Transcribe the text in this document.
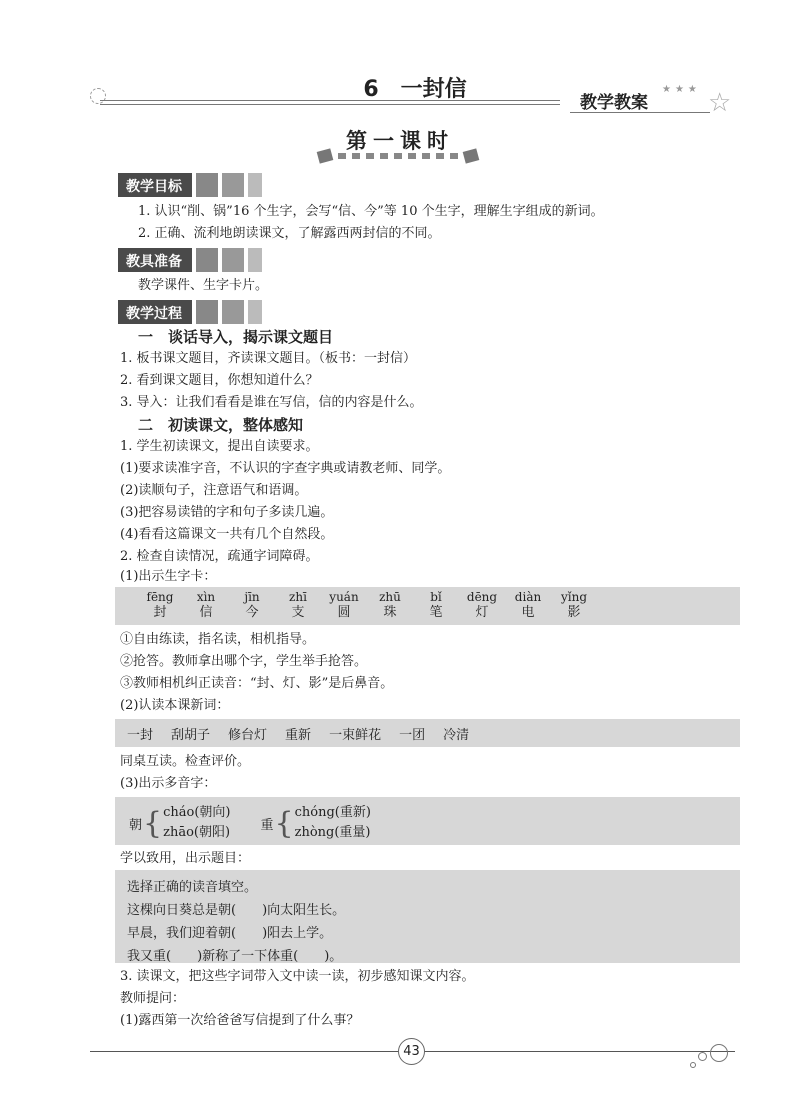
6　一封信
教学教案
★★★ ☆
第一课时
教学目标
1. 认识“削、锅”16 个生字，会写“信、今”等 10 个生字，理解生字组成的新词。
2. 正确、流利地朗读课文，了解露西两封信的不同。
教具准备
教学课件、生字卡片。
教学过程
一　谈话导入，揭示课文题目
1. 板书课文题目，齐读课文题目。（板书：一封信）
2. 看到课文题目，你想知道什么？
3. 导入：让我们看看是谁在写信，信的内容是什么。
二　初读课文，整体感知
1. 学生初读课文，提出自读要求。
(1)要求读准字音，不认识的字查字典或请教老师、同学。
(2)读顺句子，注意语气和语调。
(3)把容易读错的字和句子多读几遍。
(4)看看这篇课文一共有几个自然段。
2. 检查自读情况，疏通字词障碍。
(1)出示生字卡：
fēng
封
xìn
信
jīn
今
zhī
支
yuán
圆
zhū
珠
bǐ
笔
dēng
灯
diàn
电
yǐng
影
①自由练读，指名读，相机指导。
②抢答。教师拿出哪个字，学生举手抢答。
③教师相机纠正读音：“封、灯、影”是后鼻音。
(2)认读本课新词：
一封 刮胡子 修台灯 重新 一束鲜花 一团 冷清
同桌互读。检查评价。
(3)出示多音字：
朝 { cháo(朝向)
zhāo(朝阳) 重 { chóng(重新)
zhòng(重量)
学以致用，出示题目：
选择正确的读音填空。
这棵向日葵总是朝(　　)向太阳生长。
早晨，我们迎着朝(　　)阳去上学。
我又重(　　)新称了一下体重(　　)。
3. 读课文，把这些字词带入文中读一读，初步感知课文内容。
教师提问：
(1)露西第一次给爸爸写信提到了什么事？
43
